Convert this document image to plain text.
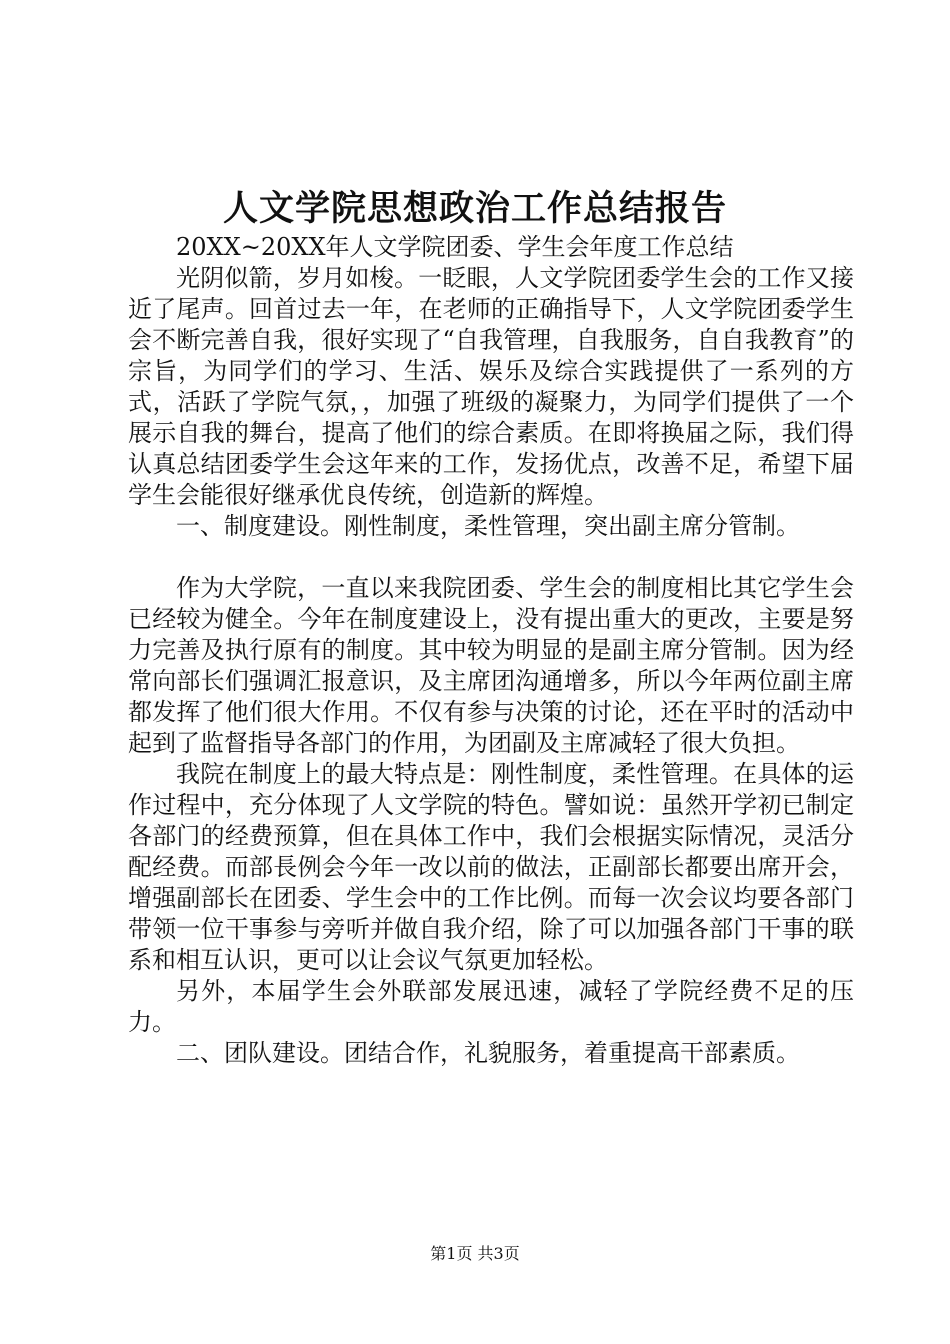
人文学院思想政治工作总结报告

20XX~20XX年人文学院团委、学生会年度工作总结

光阴似箭，岁月如梭。一眨眼，人文学院团委学生会的工作又接近了尾声。回首过去一年，在老师的正确指导下，人文学院团委学生会不断完善自我，很好实现了“自我管理，自我服务，自自我教育”的宗旨，为同学们的学习、生活、娱乐及综合实践提供了一系列的方式，活跃了学院气氛，，加强了班级的凝聚力，为同学们提供了一个展示自我的舞台，提高了他们的综合素质。在即将换届之际，我们得认真总结团委学生会这年来的工作，发扬优点，改善不足，希望下届学生会能很好继承优良传统，创造新的辉煌。

一、制度建设。刚性制度，柔性管理，突出副主席分管制。

作为大学院，一直以来我院团委、学生会的制度相比其它学生会已经较为健全。今年在制度建设上，没有提出重大的更改，主要是努力完善及执行原有的制度。其中较为明显的是副主席分管制。因为经常向部长们强调汇报意识，及主席团沟通增多，所以今年两位副主席都发挥了他们很大作用。不仅有参与决策的讨论，还在平时的活动中起到了监督指导各部门的作用，为团副及主席减轻了很大负担。

我院在制度上的最大特点是：刚性制度，柔性管理。在具体的运作过程中，充分体现了人文学院的特色。譬如说：虽然开学初已制定各部门的经费预算，但在具体工作中，我们会根据实际情况，灵活分配经费。而部長例会今年一改以前的做法，正副部长都要出席开会，增强副部长在团委、学生会中的工作比例。而每一次会议均要各部门带领一位干事参与旁听并做自我介绍，除了可以加强各部门干事的联系和相互认识，更可以让会议气氛更加轻松。

另外，本届学生会外联部发展迅速，减轻了学院经费不足的压力。

二、团队建设。团结合作，礼貌服务，着重提高干部素质。

第1页 共3页
